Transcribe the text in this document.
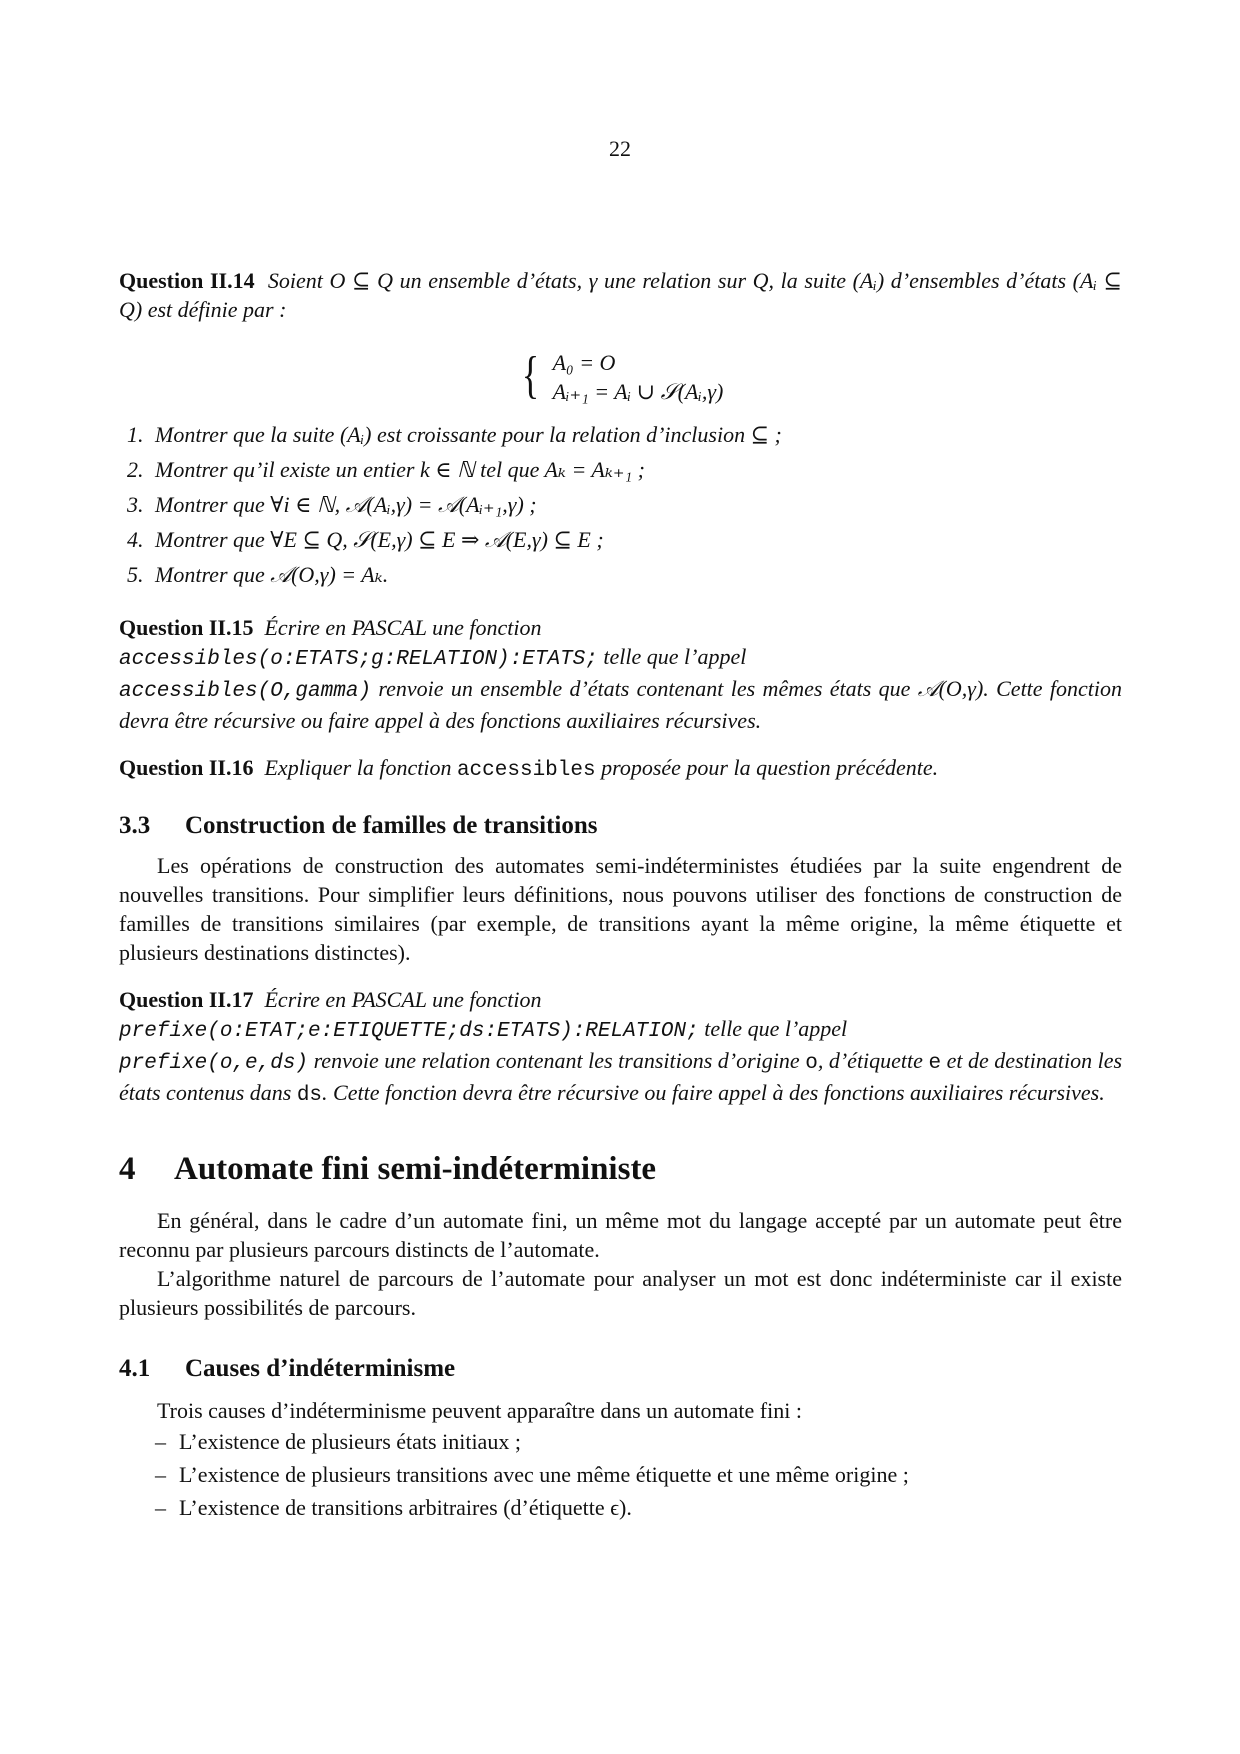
22

Question II.14 Soient O ⊆ Q un ensemble d’états, γ une relation sur Q, la suite (Aᵢ) d’ensembles d’états (Aᵢ ⊆ Q) est définie par :

{ A₀ = O
Aᵢ₊₁ = Aᵢ ∪ 𝒮(Aᵢ,γ)
1. Montrer que la suite (Aᵢ) est croissante pour la relation d’inclusion ⊆ ;
2. Montrer qu’il existe un entier k ∈ ℕ tel que Aₖ = Aₖ₊₁ ;
3. Montrer que ∀i ∈ ℕ, 𝒜(Aᵢ,γ) = 𝒜(Aᵢ₊₁,γ) ;
4. Montrer que ∀E ⊆ Q, 𝒮(E,γ) ⊆ E ⇒ 𝒜(E,γ) ⊆ E ;
5. Montrer que 𝒜(O,γ) = Aₖ.

Question II.15 Écrire en PASCAL une fonction
accessibles(o:ETATS;g:RELATION):ETATS; telle que l’appel
accessibles(O,gamma) renvoie un ensemble d’états contenant les mêmes états que 𝒜(O,γ). Cette fonction devra être récursive ou faire appel à des fonctions auxiliaires récursives.

Question II.16 Expliquer la fonction accessibles proposée pour la question précédente.

3.3 Construction de familles de transitions

Les opérations de construction des automates semi-indéterministes étudiées par la suite engendrent de nouvelles transitions. Pour simplifier leurs définitions, nous pouvons utiliser des fonctions de construction de familles de transitions similaires (par exemple, de transitions ayant la même origine, la même étiquette et plusieurs destinations distinctes).

Question II.17 Écrire en PASCAL une fonction
prefixe(o:ETAT;e:ETIQUETTE;ds:ETATS):RELATION; telle que l’appel
prefixe(o,e,ds) renvoie une relation contenant les transitions d’origine o, d’étiquette e et de destination les états contenus dans ds. Cette fonction devra être récursive ou faire appel à des fonctions auxiliaires récursives.

4 Automate fini semi-indéterministe

En général, dans le cadre d’un automate fini, un même mot du langage accepté par un automate peut être reconnu par plusieurs parcours distincts de l’automate.

L’algorithme naturel de parcours de l’automate pour analyser un mot est donc indéterministe car il existe plusieurs possibilités de parcours.

4.1 Causes d’indéterminisme

Trois causes d’indéterminisme peuvent apparaître dans un automate fini :

– L’existence de plusieurs états initiaux ;
– L’existence de plusieurs transitions avec une même étiquette et une même origine ;
– L’existence de transitions arbitraires (d’étiquette ϵ).
